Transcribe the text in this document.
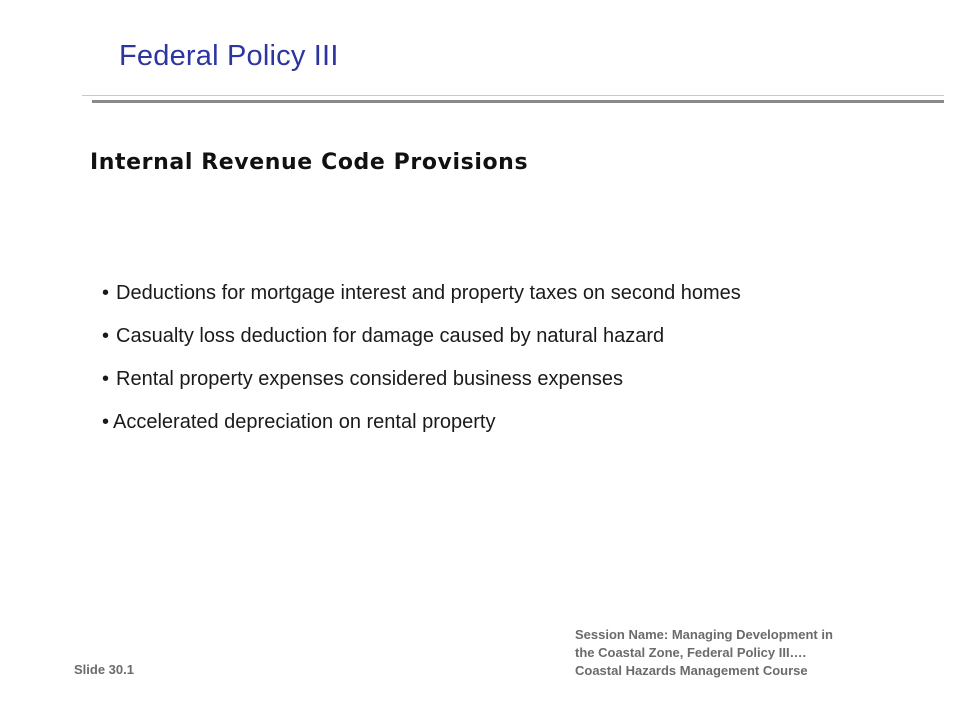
Federal Policy III
Internal Revenue Code Provisions
• Deductions for mortgage interest and property taxes on second homes
• Casualty loss deduction for damage caused by natural hazard
• Rental property expenses considered business expenses
• Accelerated depreciation on rental property
Slide 30.1
Session Name: Managing Development in
the Coastal Zone, Federal Policy III….
Coastal Hazards Management Course
